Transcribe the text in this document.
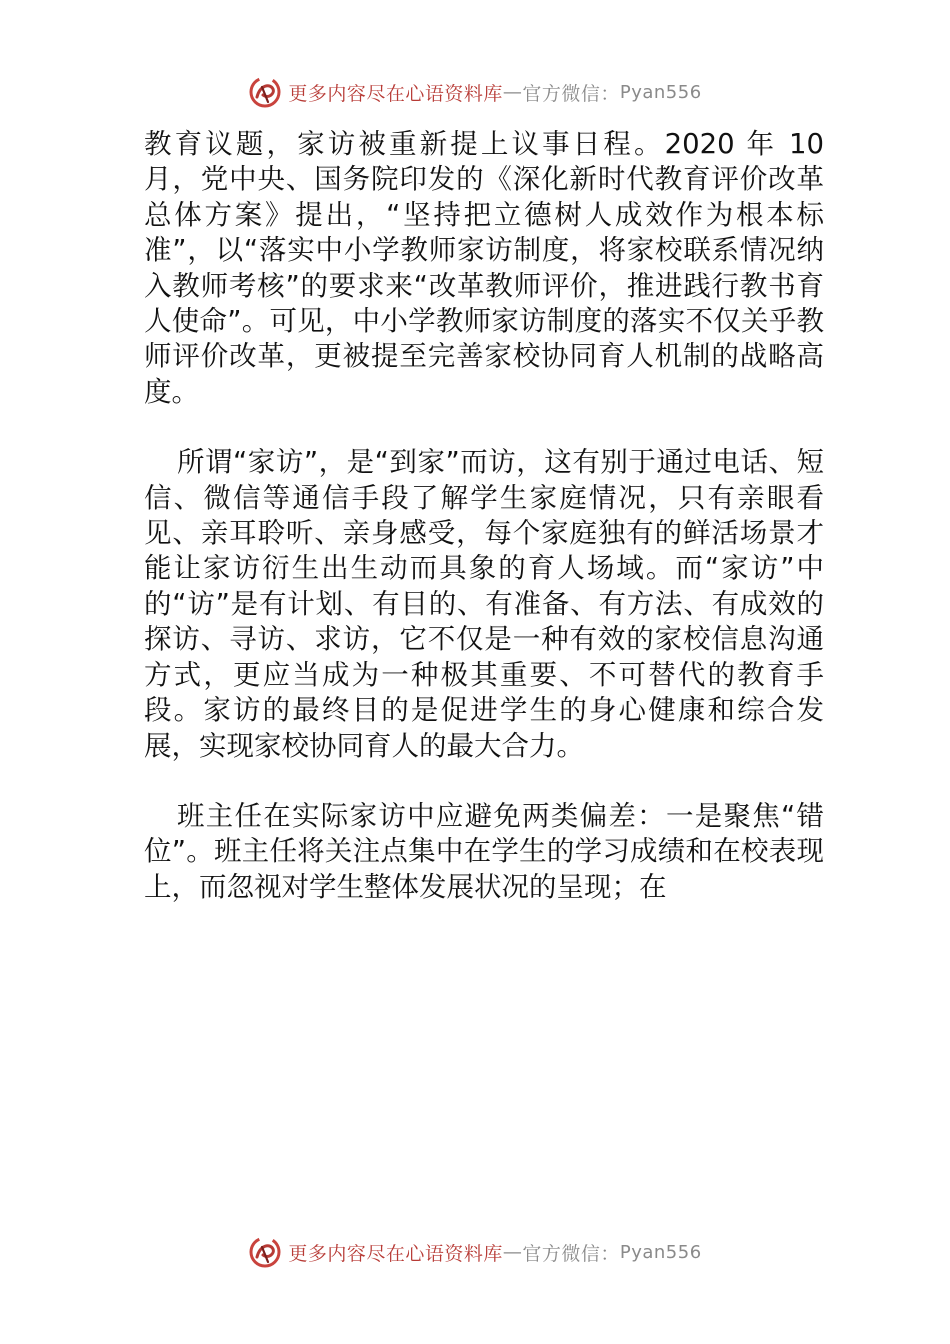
更多内容尽在心语资料库 — 官方微信： Pyan556

教育议题，家访被重新提上议事日程。2020 年 10 月，党中央、国务院印发的《深化新时代教育评价改革总体方案》提出，“坚持把立德树人成效作为根本标准”，以“落实中小学教师家访制度，将家校联系情况纳入教师考核”的要求来“改革教师评价，推进践行教书育人使命”。可见，中小学教师家访制度的落实不仅关乎教师评价改革，更被提至完善家校协同育人机制的战略高度。

所谓“家访”，是“到家”而访，这有别于通过电话、短信、微信等通信手段了解学生家庭情况，只有亲眼看见、亲耳聆听、亲身感受，每个家庭独有的鲜活场景才能让家访衍生出生动而具象的育人场域。而“家访”中的“访”是有计划、有目的、有准备、有方法、有成效的探访、寻访、求访，它不仅是一种有效的家校信息沟通方式，更应当成为一种极其重要、不可替代的教育手段。家访的最终目的是促进学生的身心健康和综合发展，实现家校协同育人的最大合力。

班主任在实际家访中应避免两类偏差：一是聚焦“错位”。班主任将关注点集中在学生的学习成绩和在校表现上，而忽视对学生整体发展状况的呈现；在

更多内容尽在心语资料库 — 官方微信： Pyan556
